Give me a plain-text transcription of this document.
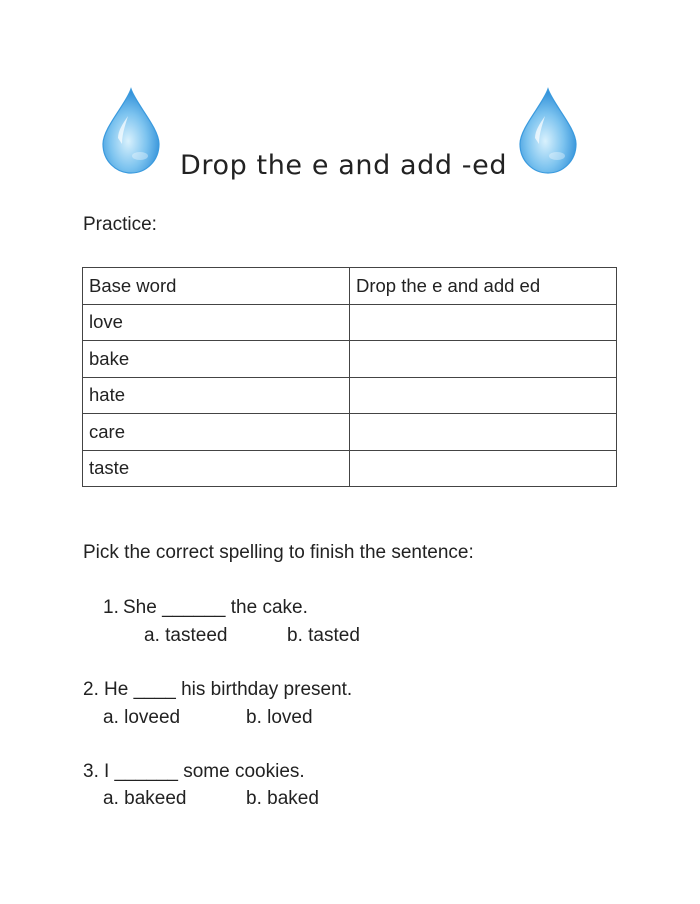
Drop the e and add -ed
Practice:
Base word	Drop the e and add ed
love	
bake	
hate	
care	
taste	
Pick the correct spelling to finish the sentence:
1. She ______ the cake.
a. tasteed	b. tasted
2. He ____ his birthday present.
a. loveed	b. loved
3. I ______ some cookies.
a. bakeed	b. baked
